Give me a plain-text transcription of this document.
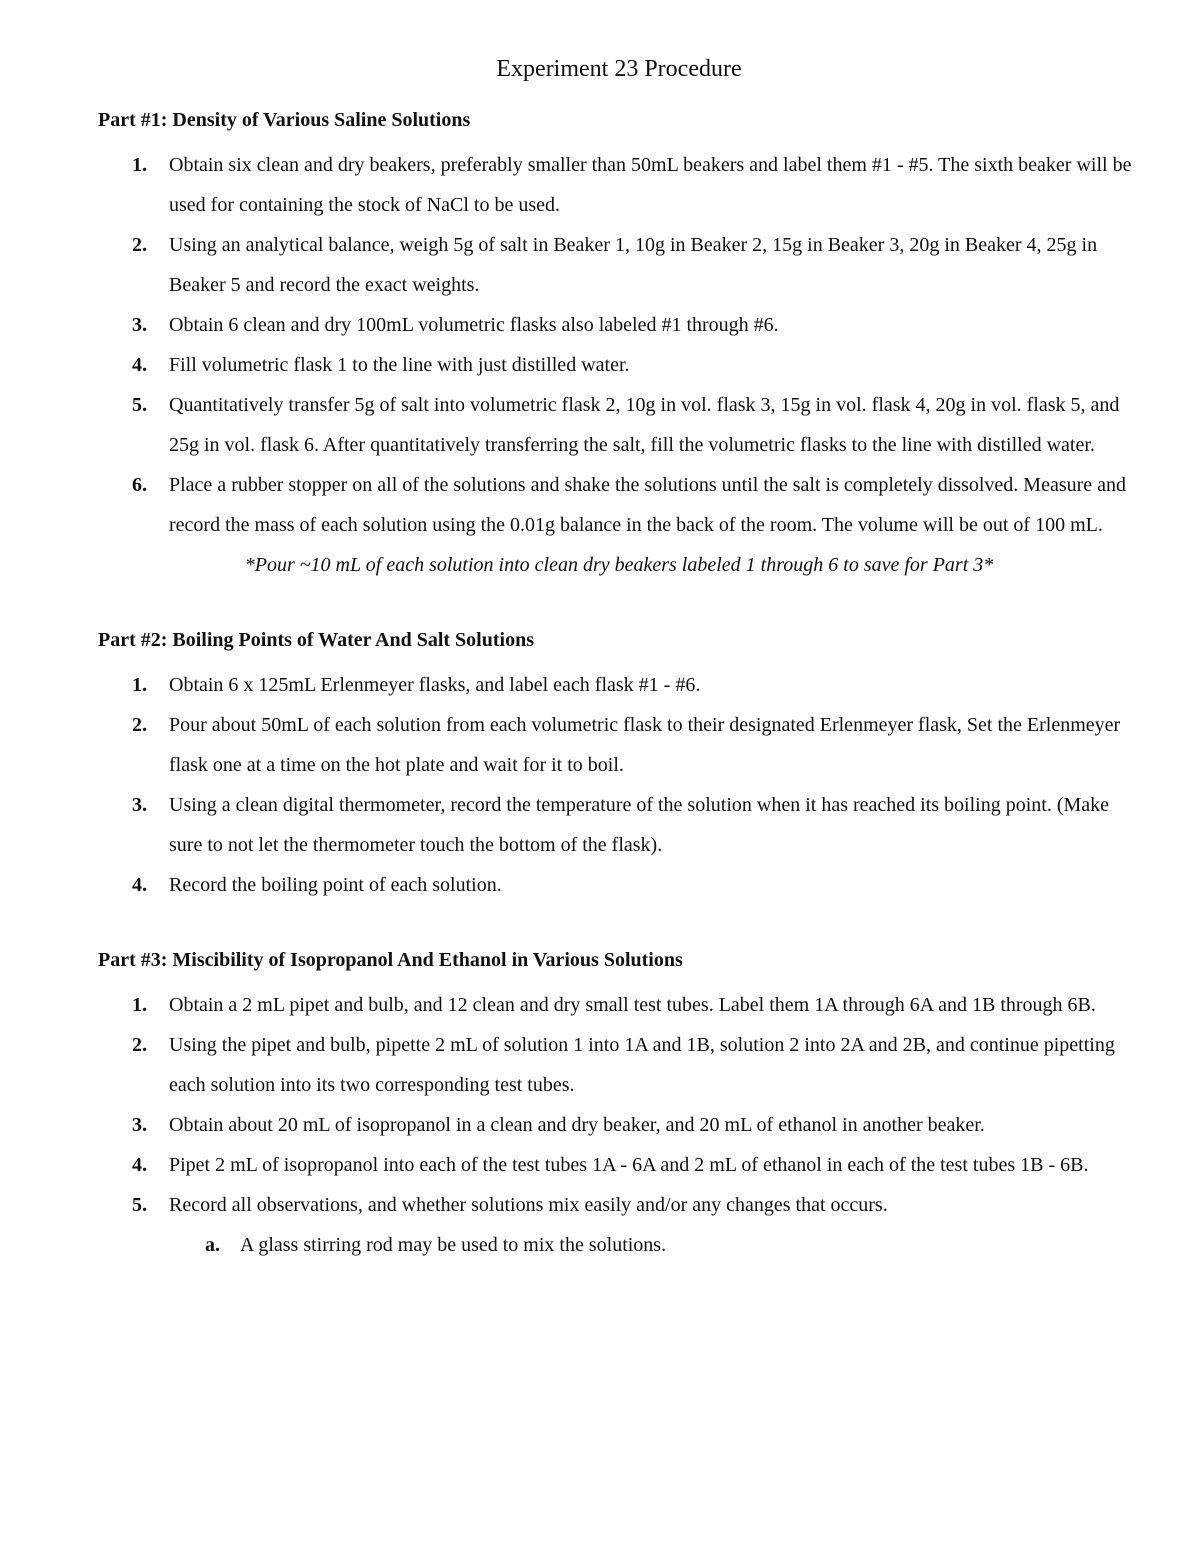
Experiment 23 Procedure
Part #1: Density of Various Saline Solutions
1. Obtain six clean and dry beakers, preferably smaller than 50mL beakers and label them #1 - #5. The sixth beaker will be used for containing the stock of NaCl to be used.
2. Using an analytical balance, weigh 5g of salt in Beaker 1, 10g in Beaker 2, 15g in Beaker 3, 20g in Beaker 4, 25g in Beaker 5 and record the exact weights.
3. Obtain 6 clean and dry 100mL volumetric flasks also labeled #1 through #6.
4. Fill volumetric flask 1 to the line with just distilled water.
5. Quantitatively transfer 5g of salt into volumetric flask 2, 10g in vol. flask 3, 15g in vol. flask 4, 20g in vol. flask 5, and 25g in vol. flask 6. After quantitatively transferring the salt, fill the volumetric flasks to the line with distilled water.
6. Place a rubber stopper on all of the solutions and shake the solutions until the salt is completely dissolved. Measure and record the mass of each solution using the 0.01g balance in the back of the room. The volume will be out of 100 mL.

*Pour ~10 mL of each solution into clean dry beakers labeled 1 through 6 to save for Part 3*

Part #2: Boiling Points of Water And Salt Solutions
1. Obtain 6 x 125mL Erlenmeyer flasks, and label each flask #1 - #6.
2. Pour about 50mL of each solution from each volumetric flask to their designated Erlenmeyer flask, Set the Erlenmeyer flask one at a time on the hot plate and wait for it to boil.
3. Using a clean digital thermometer, record the temperature of the solution when it has reached its boiling point. (Make sure to not let the thermometer touch the bottom of the flask).
4. Record the boiling point of each solution.
Part #3: Miscibility of Isopropanol And Ethanol in Various Solutions
1. Obtain a 2 mL pipet and bulb, and 12 clean and dry small test tubes. Label them 1A through 6A and 1B through 6B.
2. Using the pipet and bulb, pipette 2 mL of solution 1 into 1A and 1B, solution 2 into 2A and 2B, and continue pipetting each solution into its two corresponding test tubes.
3. Obtain about 20 mL of isopropanol in a clean and dry beaker, and 20 mL of ethanol in another beaker.
4. Pipet 2 mL of isopropanol into each of the test tubes 1A - 6A and 2 mL of ethanol in each of the test tubes 1B - 6B.
5. Record all observations, and whether solutions mix easily and/or any changes that occurs.
a. A glass stirring rod may be used to mix the solutions.
